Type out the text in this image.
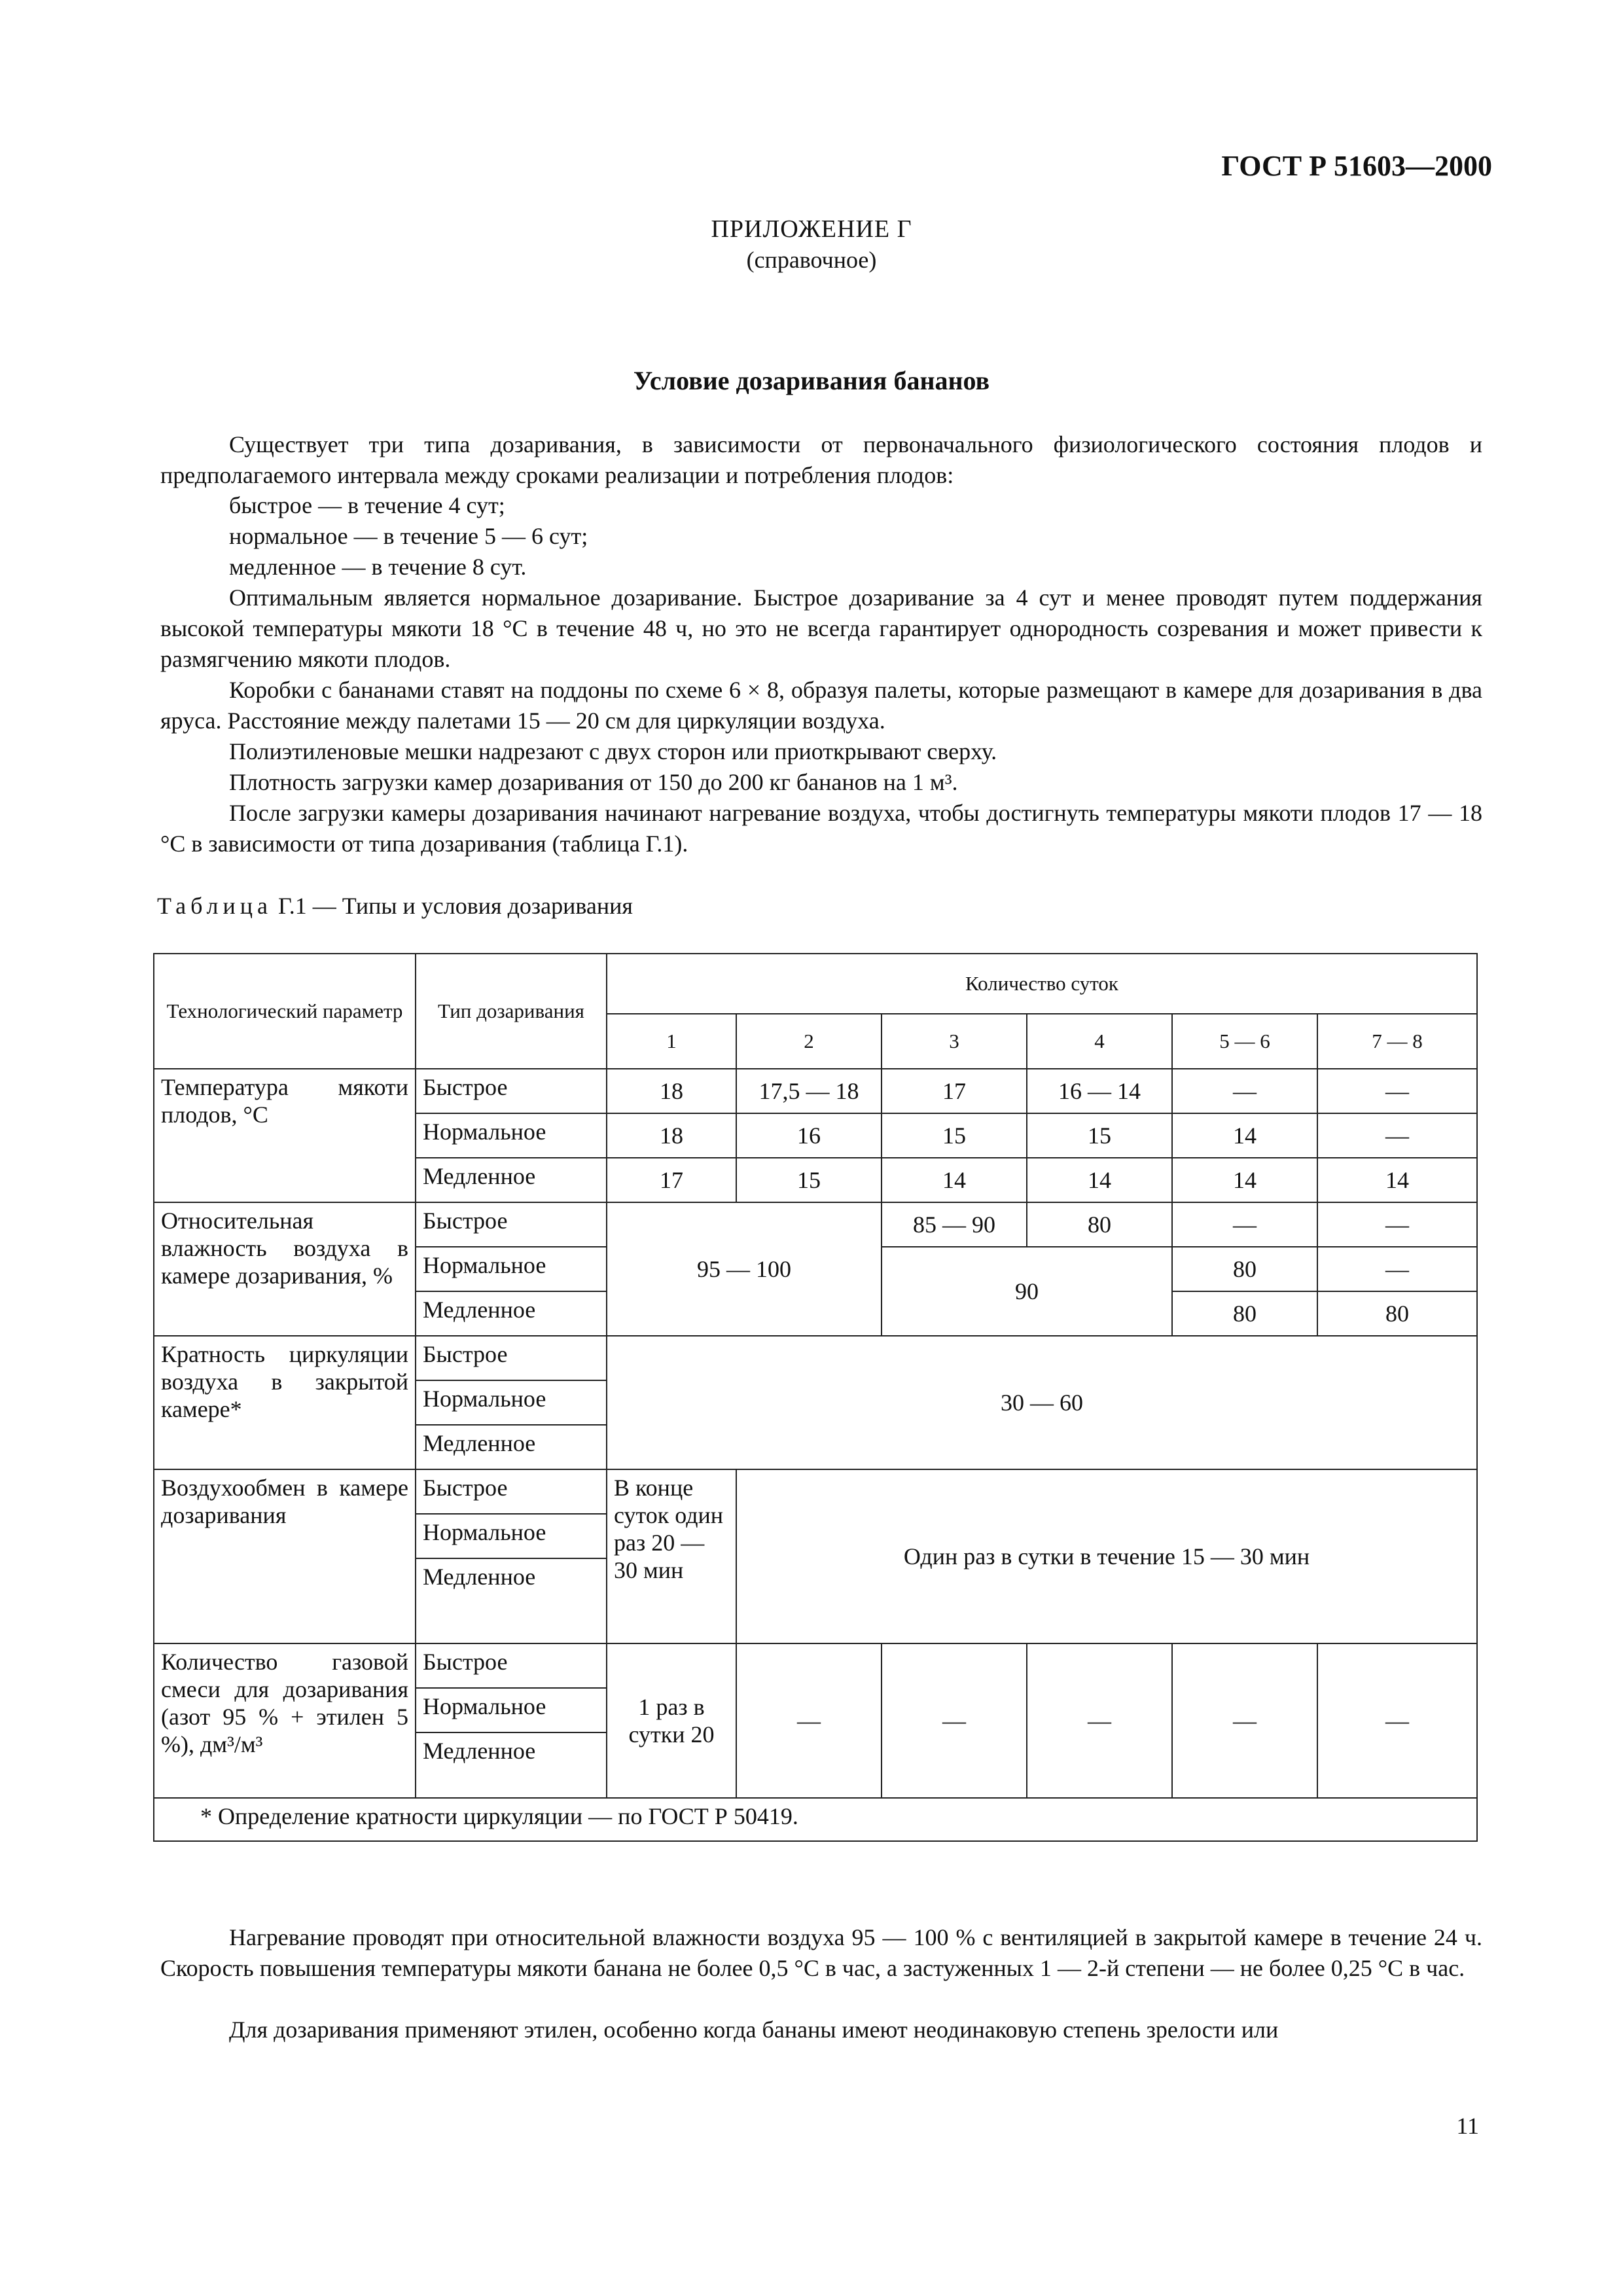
ГОСТ Р 51603—2000
ПРИЛОЖЕНИЕ Г
(справочное)
Условие дозаривания бананов

Существует три типа дозаривания, в зависимости от первоначального физиологического состояния плодов и предполагаемого интервала между сроками реализации и потребления плодов:

быстрое — в течение 4 сут;

нормальное — в течение 5 — 6 сут;

медленное — в течение 8 сут.

Оптимальным является нормальное дозаривание. Быстрое дозаривание за 4 сут и менее проводят путем поддержания высокой температуры мякоти 18 °С в течение 48 ч, но это не всегда гарантирует однородность созревания и может привести к размягчению мякоти плодов.

Коробки с бананами ставят на поддоны по схеме 6 × 8, образуя палеты, которые размещают в камере для дозаривания в два яруса. Расстояние между палетами 15 — 20 см для циркуляции воздуха.

Полиэтиленовые мешки надрезают с двух сторон или приоткрывают сверху.

Плотность загрузки камер дозаривания от 150 до 200 кг бананов на 1 м³.

После загрузки камеры дозаривания начинают нагревание воздуха, чтобы достигнуть температуры мякоти плодов 17 — 18 °С в зависимости от типа дозаривания (таблица Г.1).

Таблица Г.1 — Типы и условия дозаривания
Технологический параметр	Тип дозаривания	Количество суток					
		1	2	3	4	5 — 6	7 — 8
Температура мякоти плодов, °С	Быстрое	18	17,5 — 18	17	16 — 14	—	—
	Нормальное	18	16	15	15	14	—
	Медленное	17	15	14	14	14	14
Относительная влажность воздуха в камере дозаривания, %	Быстрое	95 — 100		85 — 90	80	—	—
	Нормальное			90		80	—
	Медленное					80	80
Кратность циркуляции воздуха в закрытой камере*	Быстрое	30 — 60					
	Нормальное						
	Медленное						
Воздухообмен в камере дозаривания	Быстрое	В конце суток один раз 20 — 30 мин	Один раз в сутки в течение 15 — 30 мин				
	Нормальное						
	Медленное						
Количество газовой смеси для дозаривания (азот 95 % + этилен 5 %), дм³/м³	Быстрое	1 раз в сутки 20	—	—	—	—	—
	Нормальное						
	Медленное						
* Определение кратности циркуляции — по ГОСТ Р 50419.							

Нагревание проводят при относительной влажности воздуха 95 — 100 % с вентиляцией в закрытой камере в течение 24 ч. Скорость повышения температуры мякоти банана не более 0,5 °С в час, а застуженных 1 — 2-й степени — не более 0,25 °С в час.

Для дозаривания применяют этилен, особенно когда бананы имеют неодинаковую степень зрелости или

11
